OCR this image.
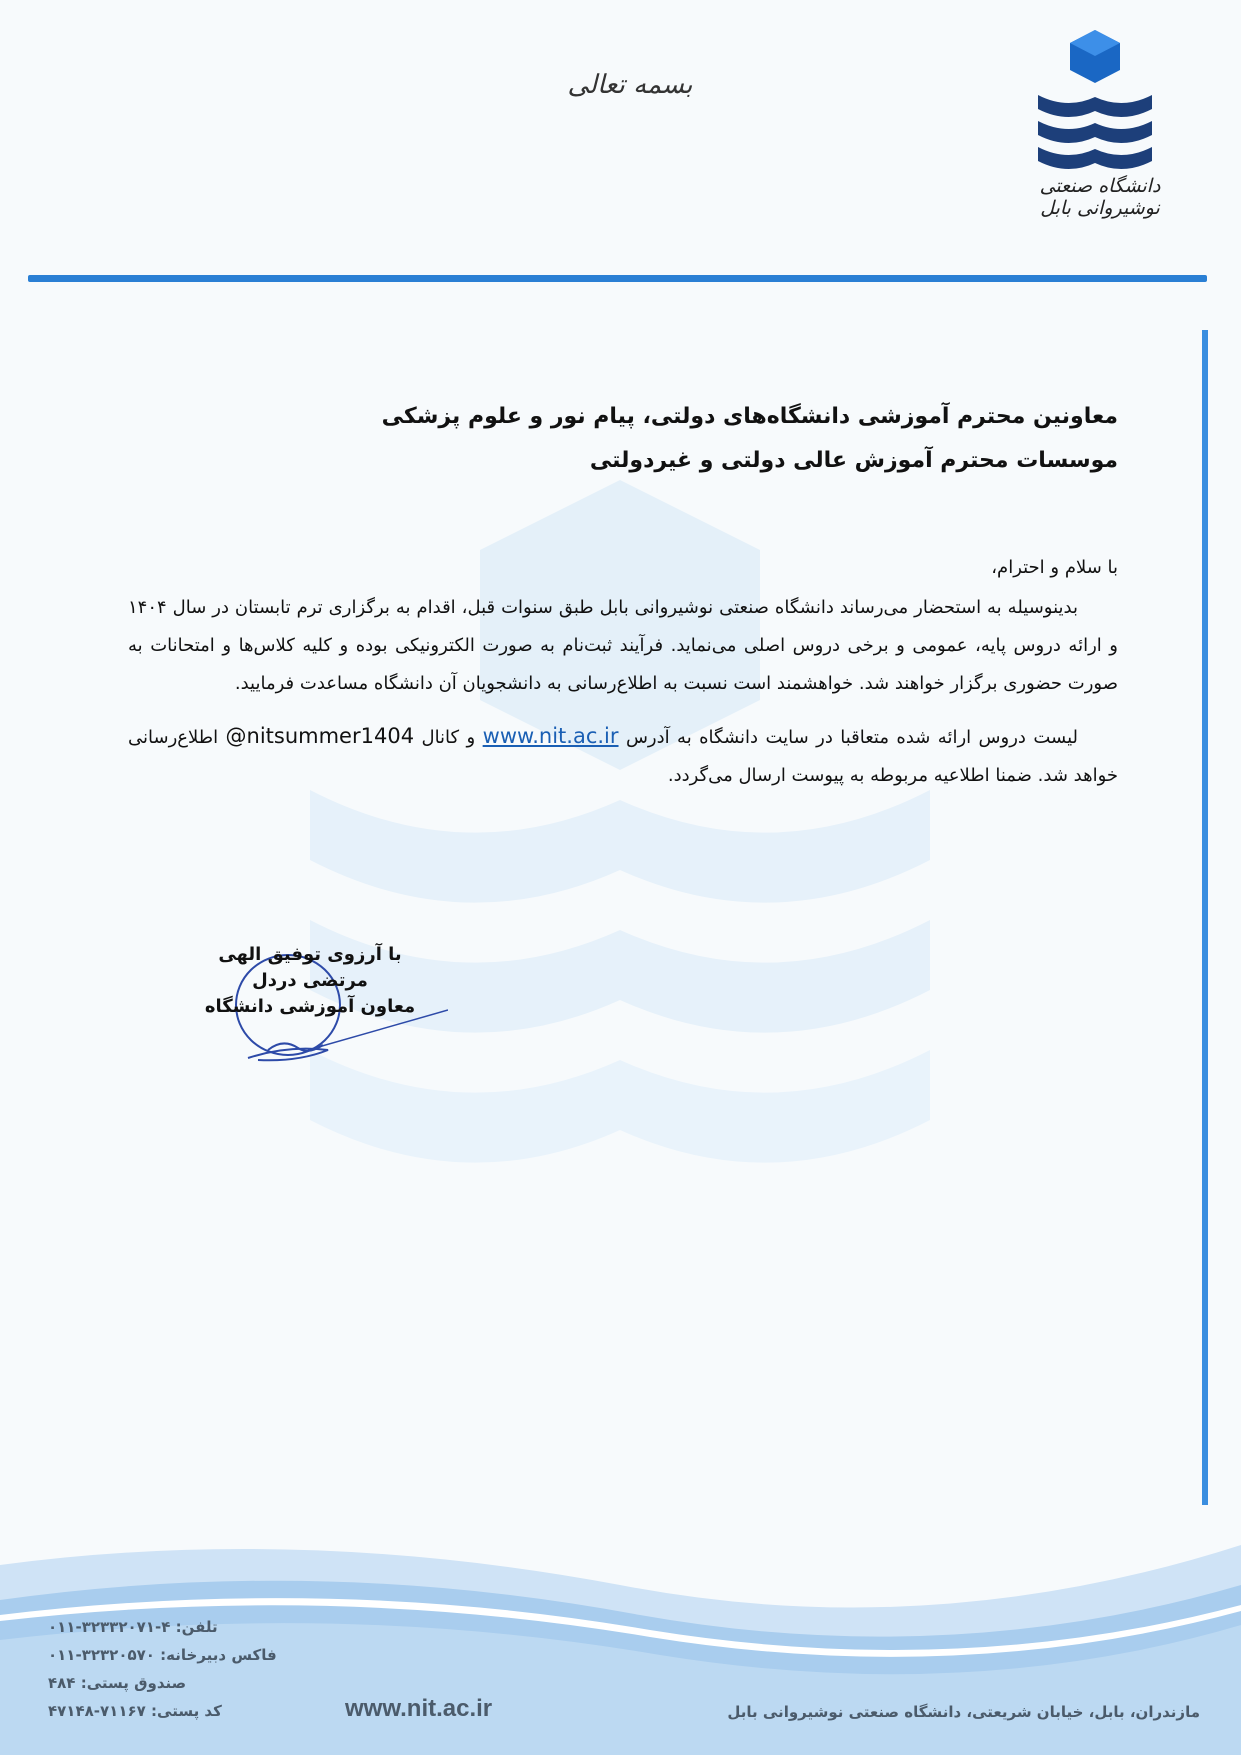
بسمه تعالی
دانشگاه صنعتی نوشیروانی بابل

معاونین محترم آموزشی دانشگاه‌های دولتی، پیام نور و علوم پزشکی

موسسات محترم آموزش عالی دولتی و غیردولتی

با سلام و احترام،

بدینوسیله به استحضار می‌رساند دانشگاه صنعتی نوشیروانی بابل طبق سنوات قبل، اقدام به برگزاری ترم تابستان در سال ۱۴۰۴ و ارائه دروس پایه، عمومی و برخی دروس اصلی می‌نماید. فرآیند ثبت‌نام به صورت الکترونیکی بوده و کلیه کلاس‌ها و امتحانات به صورت حضوری برگزار خواهند شد. خواهشمند است نسبت به اطلاع‌رسانی به دانشجویان آن دانشگاه مساعدت فرمایید.

لیست دروس ارائه شده متعاقبا در سایت دانشگاه به آدرس www.nit.ac.ir و کانال @nitsummer1404 اطلاع‌رسانی خواهد شد. ضمنا اطلاعیه مربوطه به پیوست ارسال می‌گردد.

با آرزوی توفیق الهی
مرتضی دردل
معاون آموزشی دانشگاه
تلفن: ۴-۳۲۳۳۲۰۷۱-۰۱۱
فاکس دبیرخانه: ۳۲۳۲۰۵۷۰-۰۱۱
صندوق پستی: ۴۸۴
کد پستی: ۷۱۱۶۷-۴۷۱۴۸	www.nit.ac.ir	مازندران، بابل، خیابان شریعتی، دانشگاه صنعتی نوشیروانی بابل
